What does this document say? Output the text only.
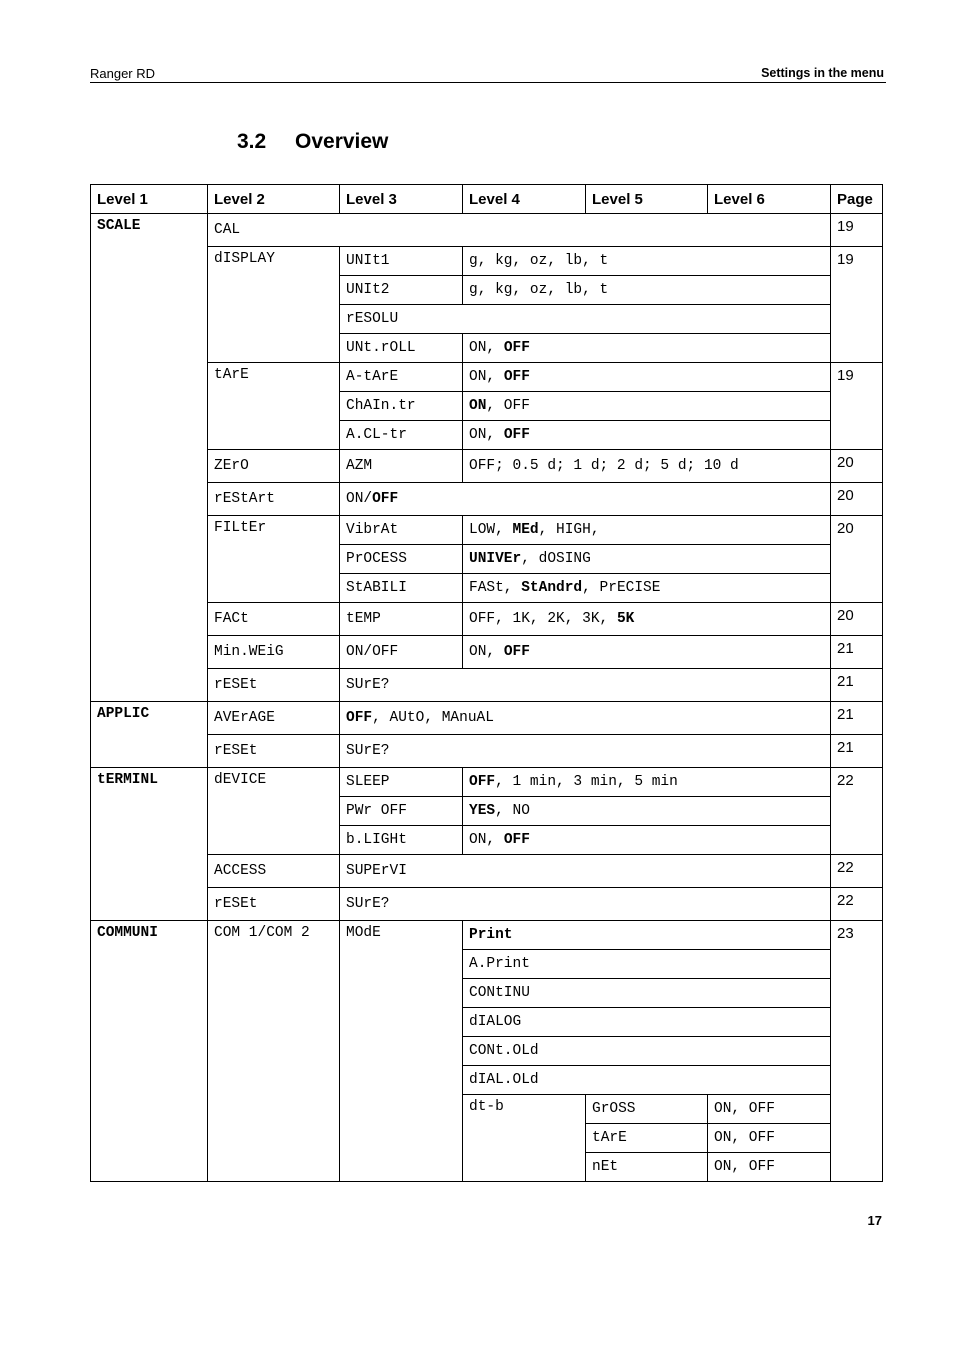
Ranger RD	Settings in the menu
3.2 Overview
Level 1	Level 2	Level 3	Level 4	Level 5	Level 6	Page
SCALE	CAL					19
	dISPLAY	UNIt1	g, kg, oz, lb, t			19
		UNIt2	g, kg, oz, lb, t			
		rESOLU				
		UNt.rOLL	ON, OFF			
	tArE	A-tArE	ON, OFF			19
		ChAIn.tr	ON, OFF			
		A.CL-tr	ON, OFF			
	ZErO	AZM	OFF; 0.5 d; 1 d; 2 d; 5 d; 10 d			20
	rEStArt	ON/OFF				20
	FILtEr	VibrAt	LOW, MEd, HIGH,			20
		PrOCESS	UNIVEr, dOSING			
		StABILI	FASt, StAndrd, PrECISE			
	FACt	tEMP	OFF, 1K, 2K, 3K, 5K			20
	Min.WEiG	ON/OFF	ON, OFF			21
	rESEt	SUrE?				21
APPLIC	AVErAGE	OFF, AUtO, MAnuAL				21
	rESEt	SUrE?				21
tERMINL	dEVICE	SLEEP	OFF, 1 min, 3 min, 5 min			22
		PWr OFF	YES, NO			
		b.LIGHt	ON, OFF			
	ACCESS	SUPErVI				22
	rESEt	SUrE?				22
COMMUNI	COM 1/COM 2	MOdE	Print			23
			A.Print			
			CONtINU			
			dIALOG			
			CONt.OLd			
			dIAL.OLd			
			dt-b	GrOSS	ON, OFF	
				tArE	ON, OFF	
				nEt	ON, OFF	
17
